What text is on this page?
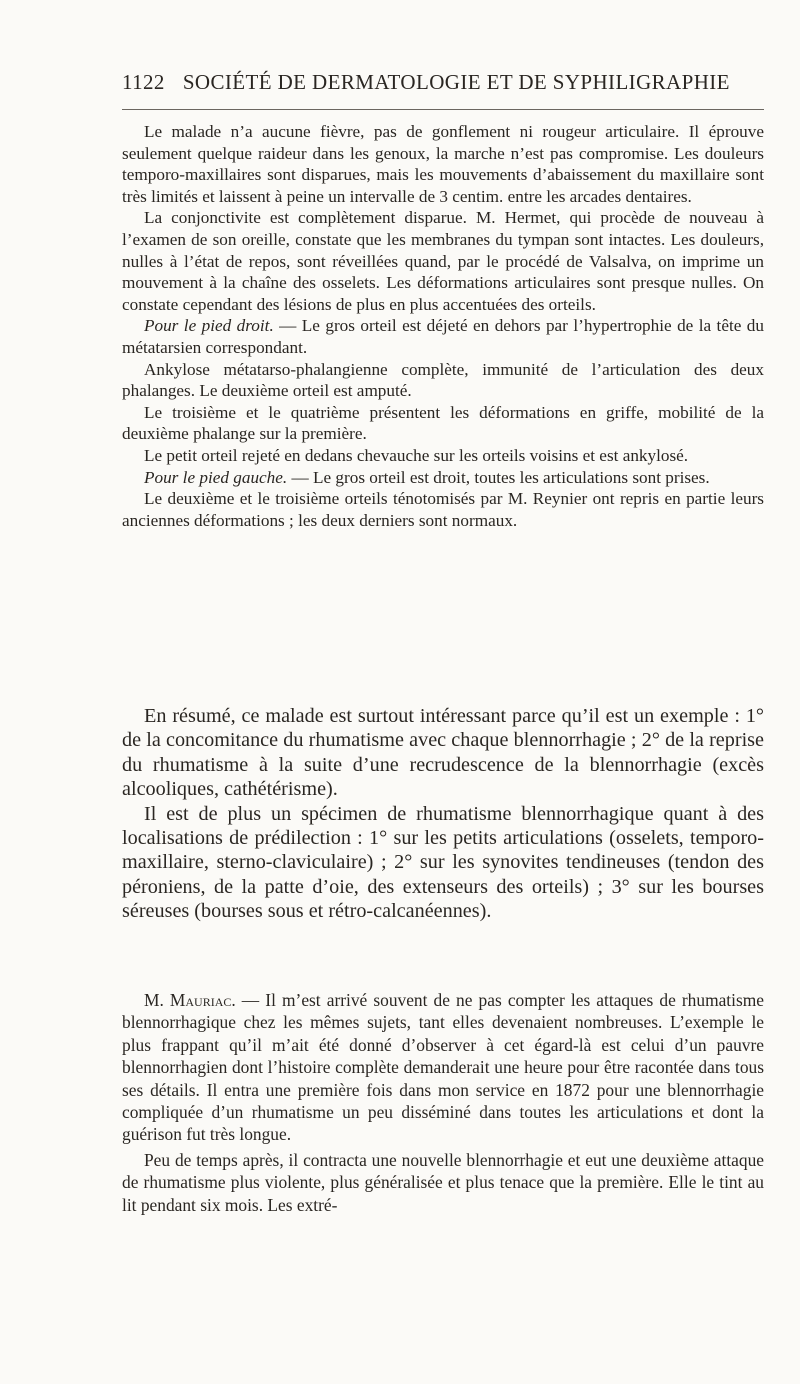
1122 SOCIÉTÉ DE DERMATOLOGIE ET DE SYPHILIGRAPHIE

Le malade n’a aucune fièvre, pas de gonflement ni rougeur articulaire. Il éprouve seulement quelque raideur dans les genoux, la marche n’est pas compromise. Les douleurs temporo-maxillaires sont disparues, mais les mouvements d’abaissement du maxillaire sont très limités et laissent à peine un intervalle de 3 centim. entre les arcades dentaires.

La conjonctivite est complètement disparue. M. Hermet, qui procède de nouveau à l’examen de son oreille, constate que les membranes du tympan sont intactes. Les douleurs, nulles à l’état de repos, sont réveillées quand, par le procédé de Valsalva, on imprime un mouvement à la chaîne des osselets. Les déformations articulaires sont presque nulles. On constate cependant des lésions de plus en plus accentuées des orteils.

Pour le pied droit. — Le gros orteil est déjeté en dehors par l’hypertrophie de la tête du métatarsien correspondant.

Ankylose métatarso-phalangienne complète, immunité de l’articulation des deux phalanges. Le deuxième orteil est amputé.

Le troisième et le quatrième présentent les déformations en griffe, mobilité de la deuxième phalange sur la première.

Le petit orteil rejeté en dedans chevauche sur les orteils voisins et est ankylosé.

Pour le pied gauche. — Le gros orteil est droit, toutes les articulations sont prises.

Le deuxième et le troisième orteils ténotomisés par M. Reynier ont repris en partie leurs anciennes déformations ; les deux derniers sont normaux.

En résumé, ce malade est surtout intéressant parce qu’il est un exemple : 1° de la concomitance du rhumatisme avec chaque blennorrhagie ; 2° de la reprise du rhumatisme à la suite d’une recrudescence de la blennorrhagie (excès alcooliques, cathétérisme).

Il est de plus un spécimen de rhumatisme blennorrhagique quant à des localisations de prédilection : 1° sur les petits articulations (osselets, temporo-maxillaire, sterno-claviculaire) ; 2° sur les synovites tendineuses (tendon des péroniens, de la patte d’oie, des extenseurs des orteils) ; 3° sur les bourses séreuses (bourses sous et rétro-calcanéennes).

M. Mauriac. — Il m’est arrivé souvent de ne pas compter les attaques de rhumatisme blennorrhagique chez les mêmes sujets, tant elles devenaient nombreuses. L’exemple le plus frappant qu’il m’ait été donné d’observer à cet égard-là est celui d’un pauvre blennorrhagien dont l’histoire complète demanderait une heure pour être racontée dans tous ses détails. Il entra une première fois dans mon service en 1872 pour une blennorrhagie compliquée d’un rhumatisme un peu disséminé dans toutes les articulations et dont la guérison fut très longue.

Peu de temps après, il contracta une nouvelle blennorrhagie et eut une deuxième attaque de rhumatisme plus violente, plus généralisée et plus tenace que la première. Elle le tint au lit pendant six mois. Les extré-
